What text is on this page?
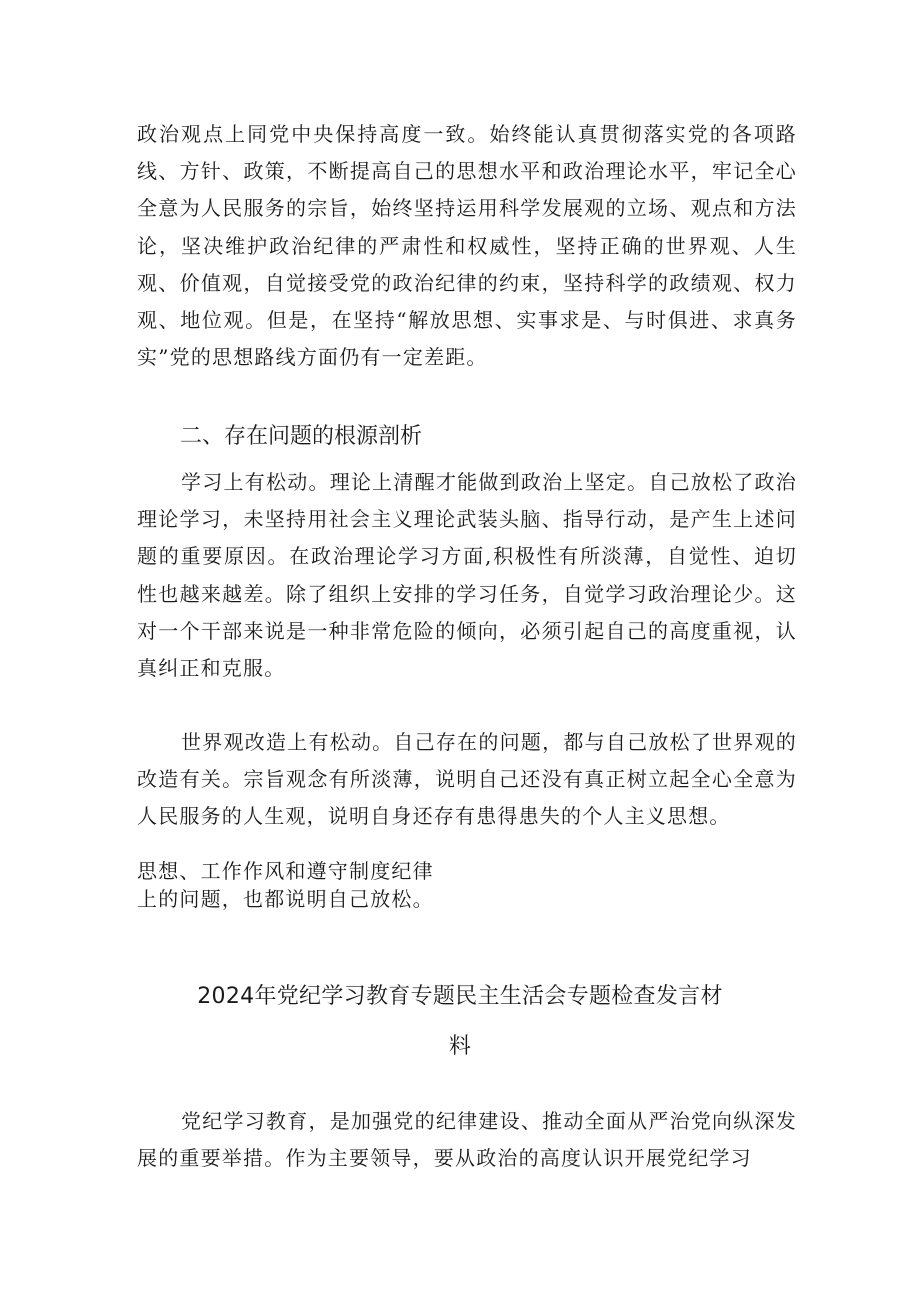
政治观点上同党中央保持高度一致。始终能认真贯彻落实党的各项路线、方针、政策，不断提高自己的思想水平和政治理论水平，牢记全心全意为人民服务的宗旨，始终坚持运用科学发展观的立场、观点和方法论，坚决维护政治纪律的严肃性和权威性，坚持正确的世界观、人生观、价值观，自觉接受党的政治纪律的约束，坚持科学的政绩观、权力观、地位观。但是，在坚持“解放思想、实事求是、与时俱进、求真务实”党的思想路线方面仍有一定差距。

二、存在问题的根源剖析

学习上有松动。理论上清醒才能做到政治上坚定。自己放松了政治理论学习，未坚持用社会主义理论武装头脑、指导行动，是产生上述问题的重要原因。在政治理论学习方面,积极性有所淡薄，自觉性、迫切性也越来越差。除了组织上安排的学习任务，自觉学习政治理论少。这对一个干部来说是一种非常危险的倾向，必须引起自己的高度重视，认真纠正和克服。

世界观改造上有松动。自己存在的问题，都与自己放松了世界观的改造有关。宗旨观念有所淡薄，说明自己还没有真正树立起全心全意为人民服务的人生观，说明自身还存有患得患失的个人主义思想。

思想、工作作风和遵守制度纪律

上的问题，也都说明自己放松。

2024年党纪学习教育专题民主生活会专题检查发言材
料

党纪学习教育，是加强党的纪律建设、推动全面从严治党向纵深发展的重要举措。作为主要领导，要从政治的高度认识开展党纪学习
